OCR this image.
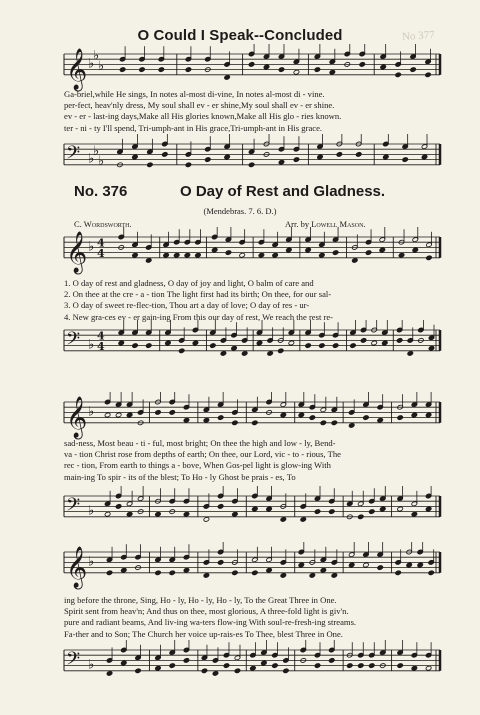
O Could I Speak--Concluded	No 377
𝄞 ♭
♭
♭
Ga-briel,while He sings, In notes al-most di-vine, In notes al-most di - vine.
per-fect, heav'nly dress, My soul shall ev - er shine,My soul shall ev - er shine.
ev - er - last-ing days,Make all His glories known,Make all His glo - ries known.
ter - ni - ty I'll spend, Tri-umph-ant in His grace,Tri-umph-ant in His grace.
𝄢 ♭
♭
♭
No. 376	O Day of Rest and Gladness.
(Mendebras. 7. 6. D.)
C. Wordsworth.	Arr. by Lowell Mason.
𝄞 ♭ 4
4
1. O day of rest and gladness, O day of joy and light, O balm of care and
2. On thee at the cre - a - tion The light first had its birth; On thee, for our sal-
3. O day of sweet re-flec-tion, Thou art a day of love; O day of res - ur-
4. New gra-ces ev - er gain-ing From this our day of rest, We reach the rest re-
𝄢 ♭
4
4
𝄞 ♭
sad-ness, Most beau - ti - ful, most bright; On thee the high and low - ly, Bend-
va - tion Christ rose from depths of earth; On thee, our Lord, vic - to - rious, The
rec - tion, From earth to things a - bove, When Gos-pel light is glow-ing With
main-ing To spir - its of the blest; To Ho - ly Ghost be prais - es, To
𝄢 ♭
𝄞 ♭
ing before the throne, Sing, Ho - ly, Ho - ly, Ho - ly, To the Great Three in One.
Spirit sent from heav'n; And thus on thee, most glorious, A three-fold light is giv'n.
pure and radiant beams, And liv-ing wa-ters flow-ing With soul-re-fresh-ing streams.
Fa-ther and to Son; The Church her voice up-rais-es To Thee, blest Three in One.
𝄢 ♭
